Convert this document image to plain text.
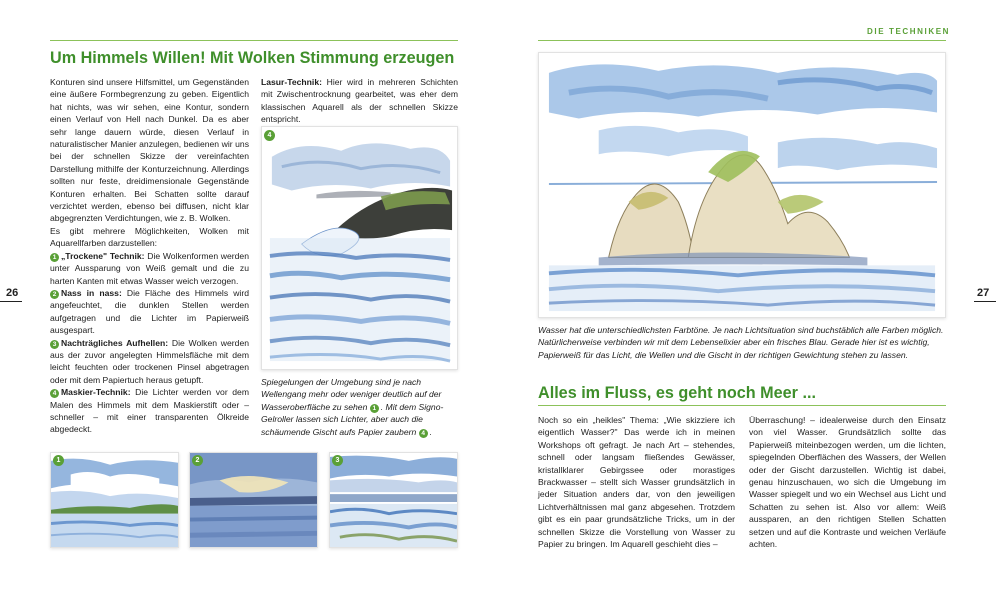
Um Himmels Willen! Mit Wolken Stimmung erzeugen

Konturen sind unsere Hilfsmittel, um Gegenständen eine äußere Formbegrenzung zu geben. Eigentlich hat nichts, was wir sehen, eine Kontur, sondern einen Verlauf von Hell nach Dunkel. Da es aber sehr lange dauern würde, diesen Verlauf in naturalistischer Manier anzulegen, bedienen wir uns bei der schnellen Skizze der vereinfachten Darstellung mithilfe der Konturzeichnung. Allerdings sollten nur feste, dreidimensionale Gegenstände Konturen erhalten. Bei Schatten sollte darauf verzichtet werden, ebenso bei diffusen, nicht klar abgegrenzten Verdichtungen, wie z. B. Wolken.

Es gibt mehrere Möglichkeiten, Wolken mit Aquarellfarben darzustellen:

1 „Trockene" Technik: Die Wolkenformen werden unter Aussparung von Weiß gemalt und die zu harten Kanten mit etwas Wasser weich verzogen.

2 Nass in nass: Die Fläche des Himmels wird angefeuchtet, die dunklen Stellen werden aufgetragen und die Lichter im Papierweiß ausgespart.

3 Nachträgliches Aufhellen: Die Wolken werden aus der zuvor angelegten Himmelsfläche mit dem leicht feuchten oder trockenen Pinsel abgetragen oder mit dem Papiertuch heraus getupft.

4 Maskier-Technik: Die Lichter werden vor dem Malen des Himmels mit dem Maskierstift oder – schneller – mit einer transparenten Ölkreide abgedeckt.

Lasur-Technik: Hier wird in mehreren Schichten mit Zwischentrocknung gearbeitet, was eher dem klassischen Aquarell als der schnellen Skizze entspricht.

4
Spiegelungen der Umgebung sind je nach Wellengang mehr oder weniger deutlich auf der Wasseroberfläche zu sehen 1 . Mit dem Signo-Gelroller lassen sich Lichter, aber auch die schäumende Gischt aufs Papier zaubern 4 .
1	2	3
26
DIE TECHNIKEN
Wasser hat die unterschiedlichsten Farbtöne. Je nach Lichtsituation sind buchstäblich alle Farben möglich. Natürlicherweise verbinden wir mit dem Lebenselixier aber ein frisches Blau. Gerade hier ist es wichtig, Papierweiß für das Licht, die Wellen und die Gischt in der richtigen Gewichtung stehen zu lassen.
Alles im Fluss, es geht noch Meer ...
Noch so ein „heikles" Thema: „Wie skizziere ich eigentlich Wasser?" Das werde ich in meinen Workshops oft gefragt. Je nach Art – stehendes, schnell oder langsam fließendes Gewässer, kristallklarer Gebirgssee oder morastiges Brackwasser – stellt sich Wasser grundsätzlich in jeder Situation anders dar, von den jeweiligen Lichtverhältnissen mal ganz abgesehen. Trotzdem gibt es ein paar grundsätzliche Tricks, um in der schnellen Skizze die Vorstellung von Wasser zu Papier zu bringen. Im Aquarell geschieht dies –
Überraschung! – idealerweise durch den Einsatz von viel Wasser. Grundsätzlich sollte das Papierweiß miteinbezogen werden, um die lichten, spiegelnden Oberflächen des Wassers, der Wellen oder der Gischt darzustellen. Wichtig ist dabei, genau hinzuschauen, wo sich die Umgebung im Wasser spiegelt und wo ein Wechsel aus Licht und Schatten zu sehen ist. Also vor allem: Weiß aussparen, an den richtigen Stellen Schatten setzen und auf die Kontraste und weichen Verläufe achten.
27
